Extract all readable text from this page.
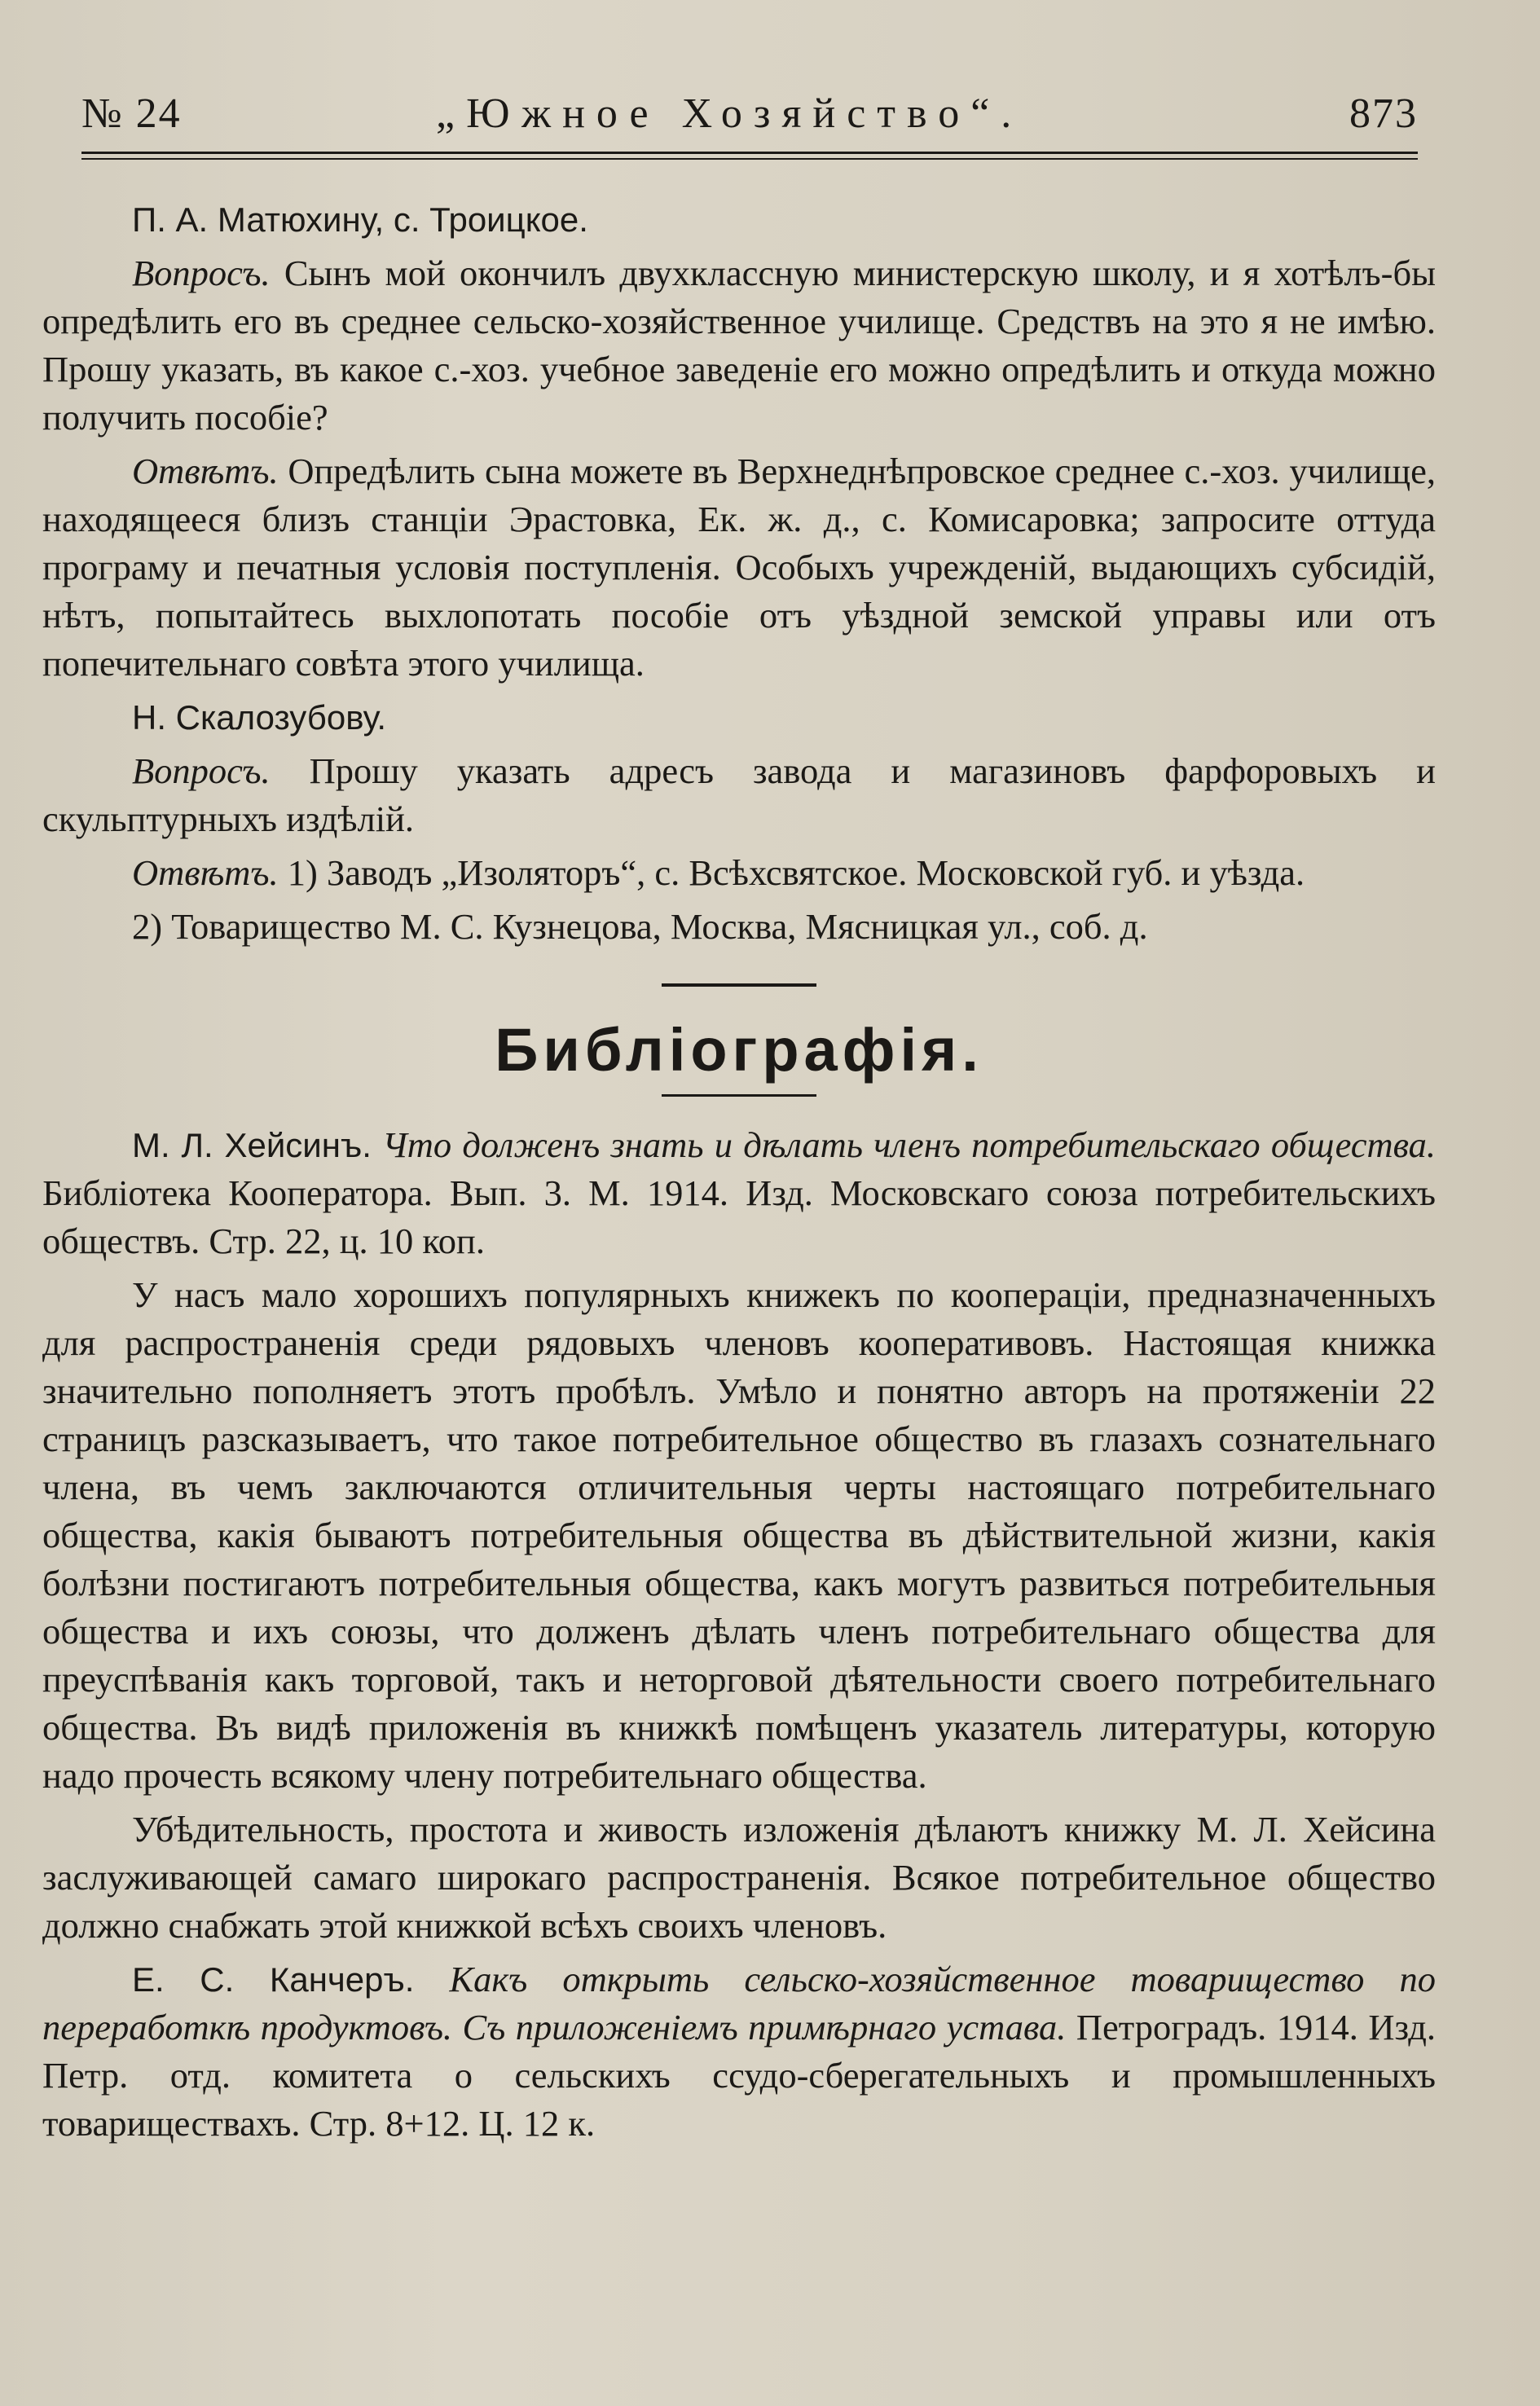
№ 24	„Южное Хозяйство“.	873

П. А. Матюхину, с. Троицкое.

Вопросъ. Сынъ мой окончилъ двухклассную министерскую школу, и я хотѣлъ-бы опредѣлить его въ среднее сельско-хозяйственное училище. Средствъ на это я не имѣю. Прошу указать, въ какое с.-хоз. учебное заведенiе его можно опредѣлить и откуда можно получить пособiе?

Отвѣтъ. Опредѣлить сына можете въ Верхнеднѣпровское среднее с.-хоз. училище, находящееся близъ станцiи Эрастовка, Ек. ж. д., с. Комисаровка; запросите оттуда програму и печатныя условiя поступленiя. Особыхъ учрежденiй, выдающихъ субсидiй, нѣтъ, попытайтесь выхлопотать пособiе отъ уѣздной земской управы или отъ попечительнаго совѣта этого училища.

Н. Скалозубову.

Вопросъ. Прошу указать адресъ завода и магазиновъ фарфоровыхъ и скульптурныхъ издѣлiй.

Отвѣтъ. 1) Заводъ „Изоляторъ“, с. Всѣхсвятское. Московской губ. и уѣзда.

2) Товарищество М. С. Кузнецова, Москва, Мясницкая ул., соб. д.

Библiографiя.

М. Л. Хейсинъ. Что долженъ знать и дѣлать членъ потребительскаго общества. Библiотека Кооператора. Вып. 3. М. 1914. Изд. Московскаго союза потребительскихъ обществъ. Стр. 22, ц. 10 коп.

У насъ мало хорошихъ популярныхъ книжекъ по кооперацiи, предназначенныхъ для распространенiя среди рядовыхъ членовъ кооперативовъ. Настоящая книжка значительно пополняетъ этотъ пробѣлъ. Умѣло и понятно авторъ на протяженiи 22 страницъ разсказываетъ, что такое потребительное общество въ глазахъ сознательнаго члена, въ чемъ заключаются отличительныя черты настоящаго потребительнаго общества, какiя бываютъ потребительныя общества въ дѣйствительной жизни, какiя болѣзни постигаютъ потребительныя общества, какъ могутъ развиться потребительныя общества и ихъ союзы, что долженъ дѣлать членъ потребительнаго общества для преуспѣванiя какъ торговой, такъ и неторговой дѣятельности своего потребительнаго общества. Въ видѣ приложенiя въ книжкѣ помѣщенъ указатель литературы, которую надо прочесть всякому члену потребительнаго общества.

Убѣдительность, простота и живость изложенiя дѣлаютъ книжку М. Л. Хейсина заслуживающей самаго широкаго распространенiя. Всякое потребительное общество должно снабжать этой книжкой всѣхъ своихъ членовъ.

Е. С. Канчеръ. Какъ открыть сельско-хозяйственное товарищество по переработкѣ продуктовъ. Съ приложенiемъ примѣрнаго устава. Петроградъ. 1914. Изд. Петр. отд. комитета о сельскихъ ссудо-сберегательныхъ и промышленныхъ товариществахъ. Стр. 8+12. Ц. 12 к.
